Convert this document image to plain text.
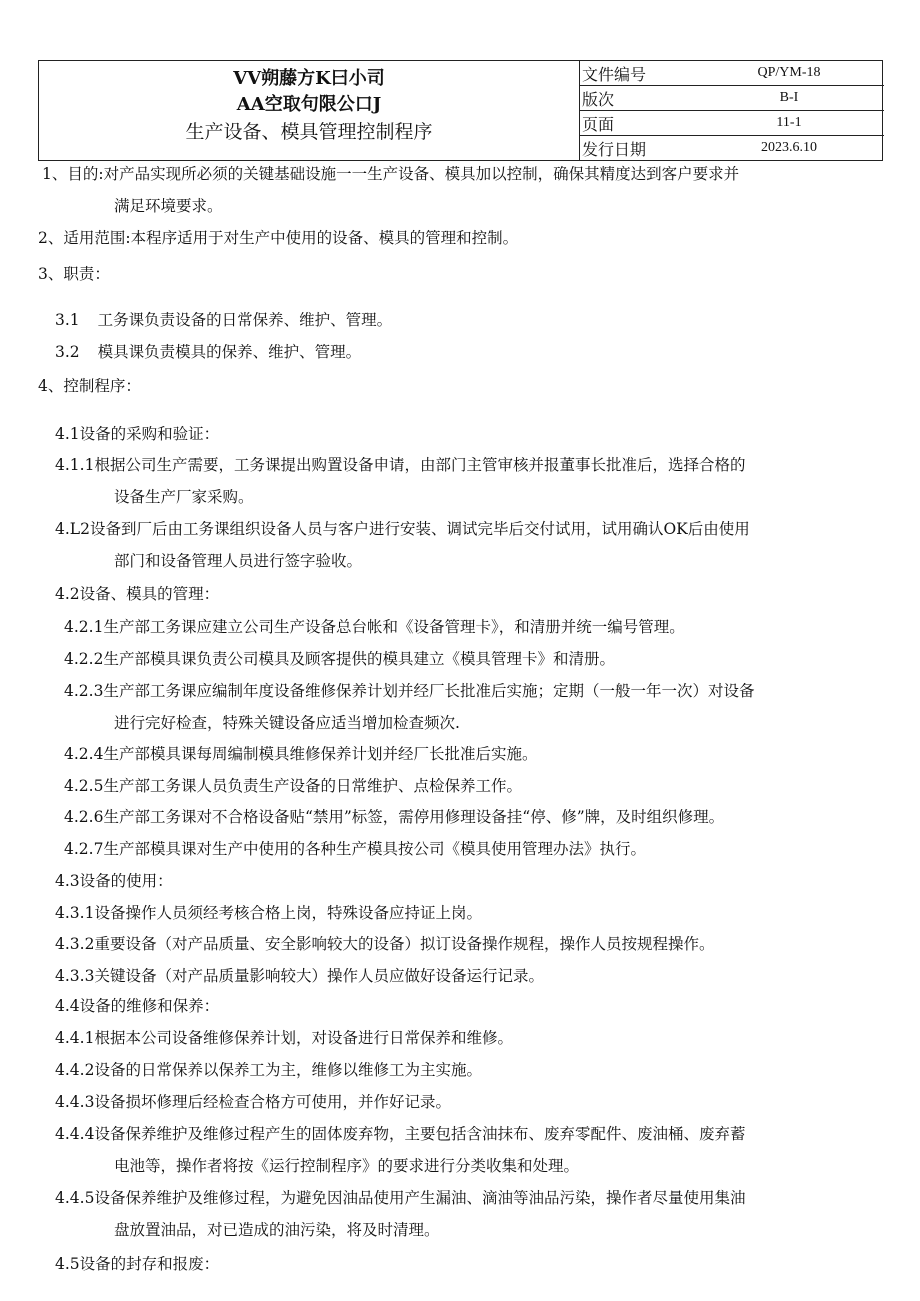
VV朔藤方K曰小司
AA空取句限公口J
生产设备、模具管理控制程序
文件编号	QP/YM-18
版次	B-I
页面	11-1
发行日期	2023.6.10
1、目的:对产品实现所必须的关键基础设施一一生产设备、模具加以控制，确保其精度达到客户要求并
满足环境要求。
2、适用范围:本程序适用于对生产中使用的设备、模具的管理和控制。
3、职责：
3.1 工务课负责设备的日常保养、维护、管理。
3.2 模具课负责模具的保养、维护、管理。
4、控制程序：
4.1设备的采购和验证：
4.1.1根据公司生产需要，工务课提出购置设备申请，由部门主管审核并报董事长批准后，选择合格的
设备生产厂家采购。
4.L2设备到厂后由工务课组织设备人员与客户进行安装、调试完毕后交付试用，试用确认OK后由使用
部门和设备管理人员进行签字验收。
4.2设备、模具的管理：
4.2.1生产部工务课应建立公司生产设备总台帐和《设备管理卡》，和清册并统一编号管理。
4.2.2生产部模具课负责公司模具及顾客提供的模具建立《模具管理卡》和清册。
4.2.3生产部工务课应编制年度设备维修保养计划并经厂长批准后实施；定期（一般一年一次）对设备
进行完好检查，特殊关键设备应适当增加检查频次.
4.2.4生产部模具课每周编制模具维修保养计划并经厂长批准后实施。
4.2.5生产部工务课人员负责生产设备的日常维护、点检保养工作。
4.2.6生产部工务课对不合格设备贴“禁用”标签，需停用修理设备挂“停、修”牌，及时组织修理。
4.2.7生产部模具课对生产中使用的各种生产模具按公司《模具使用管理办法》执行。
4.3设备的使用：
4.3.1设备操作人员须经考核合格上岗，特殊设备应持证上岗。
4.3.2重要设备（对产品质量、安全影响较大的设备）拟订设备操作规程，操作人员按规程操作。
4.3.3关键设备（对产品质量影响较大）操作人员应做好设备运行记录。
4.4设备的维修和保养：
4.4.1根据本公司设备维修保养计划，对设备进行日常保养和维修。
4.4.2设备的日常保养以保养工为主，维修以维修工为主实施。
4.4.3设备损坏修理后经检查合格方可使用，并作好记录。
4.4.4设备保养维护及维修过程产生的固体废弃物，主要包括含油抹布、废弃零配件、废油桶、废弃蓄
电池等，操作者将按《运行控制程序》的要求进行分类收集和处理。
4.4.5设备保养维护及维修过程，为避免因油品使用产生漏油、滴油等油品污染，操作者尽量使用集油
盘放置油品，对已造成的油污染，将及时清理。
4.5设备的封存和报废：
